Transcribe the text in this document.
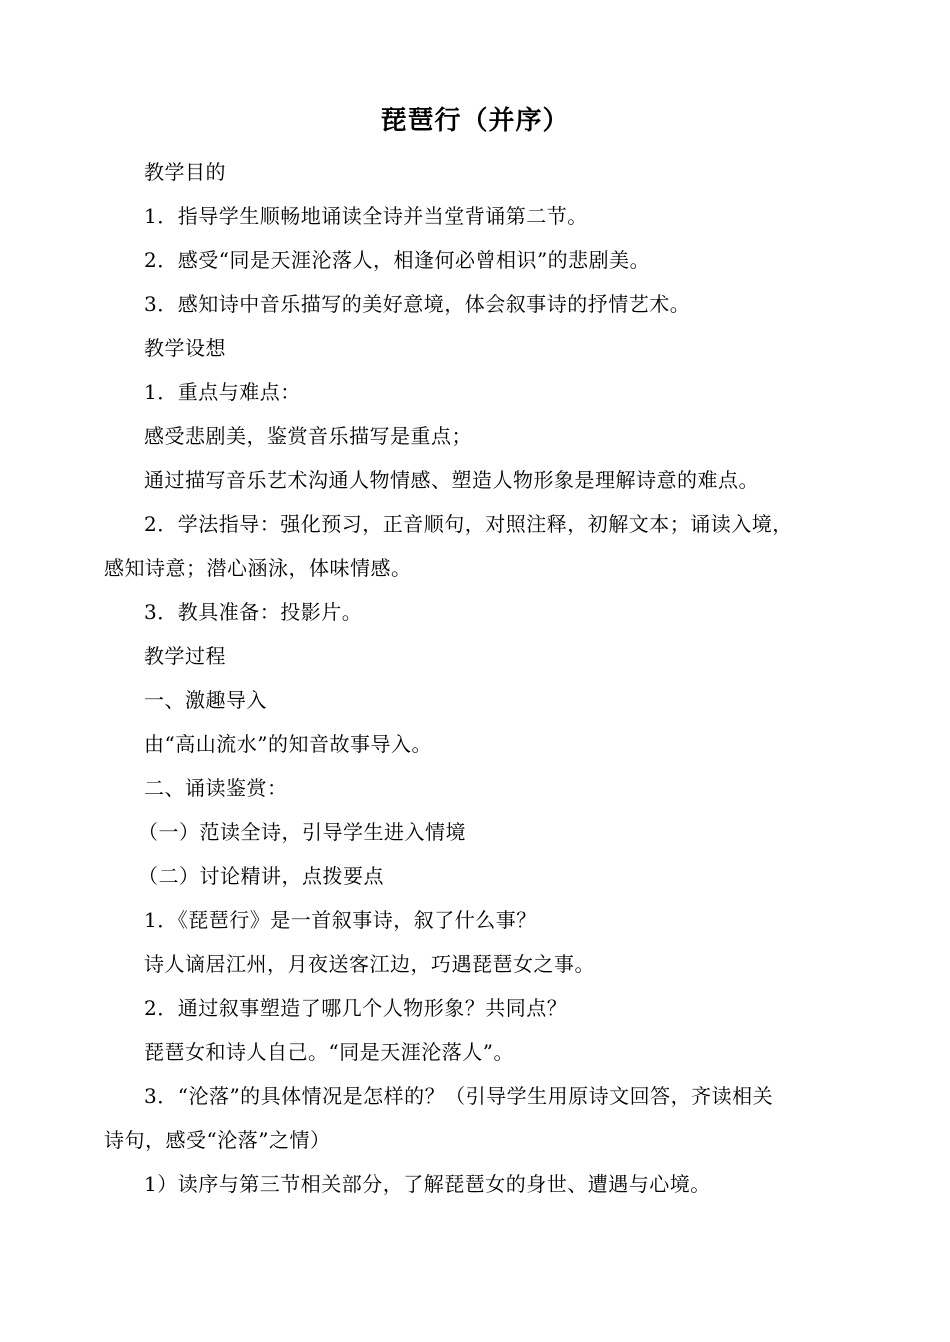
琵琶行（并序）
教学目的
1．指导学生顺畅地诵读全诗并当堂背诵第二节。
2．感受“同是天涯沦落人，相逢何必曾相识”的悲剧美。
3．感知诗中音乐描写的美好意境，体会叙事诗的抒情艺术。
教学设想
1．重点与难点：
感受悲剧美，鉴赏音乐描写是重点；
通过描写音乐艺术沟通人物情感、塑造人物形象是理解诗意的难点。
2．学法指导：强化预习，正音顺句，对照注释，初解文本；诵读入境，
感知诗意；潜心涵泳，体味情感。
3．教具准备：投影片。
教学过程
一、激趣导入
由“高山流水”的知音故事导入。
二、诵读鉴赏：
（一）范读全诗，引导学生进入情境
（二）讨论精讲，点拨要点
1．《琵琶行》是一首叙事诗，叙了什么事？
诗人谪居江州，月夜送客江边，巧遇琵琶女之事。
2．通过叙事塑造了哪几个人物形象？共同点？
琵琶女和诗人自己。“同是天涯沦落人”。
3．“沦落”的具体情况是怎样的？（引导学生用原诗文回答，齐读相关
诗句，感受“沦落”之情）
1）读序与第三节相关部分，了解琵琶女的身世、遭遇与心境。
